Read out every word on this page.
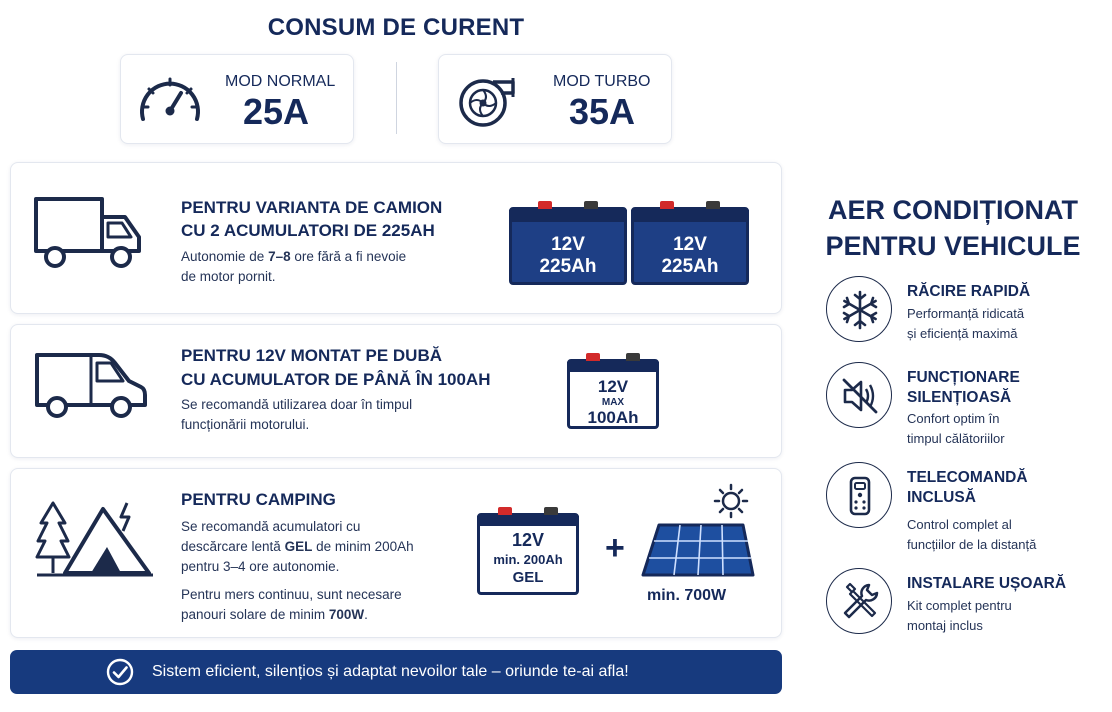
CONSUM DE CURENT
MOD NORMAL
25A
MOD TURBO
35A
PENTRU VARIANTA DE CAMION
CU 2 ACUMULATORI DE 225AH
Autonomie de 7–8 ore fără a fi nevoie
de motor pornit.
12V
225Ah
12V
225Ah
PENTRU 12V MONTAT PE DUBĂ
CU ACUMULATOR DE PÂNĂ ÎN 100AH
Se recomandă utilizarea doar în timpul
funcționării motorului.
12V
MAX
100Ah
PENTRU CAMPING
Se recomandă acumulatori cu
descărcare lentă GEL de minim 200Ah
pentru 3–4 ore autonomie.
Pentru mers continuu, sunt necesare
panouri solare de minim 700W.
12V
min. 200Ah
GEL
+
min. 700W
AER CONDIȚIONAT
PENTRU VEHICULE
RĂCIRE RAPIDĂ
Performanță ridicată
și eficiență maximă
FUNCȚIONARE
SILENȚIOASĂ
Confort optim în
timpul călătoriilor
TELECOMANDĂ
INCLUSĂ
Control complet al
funcțiilor de la distanță
INSTALARE UȘOARĂ
Kit complet pentru
montaj inclus
Sistem eficient, silențios și adaptat nevoilor tale – oriunde te-ai afla!
